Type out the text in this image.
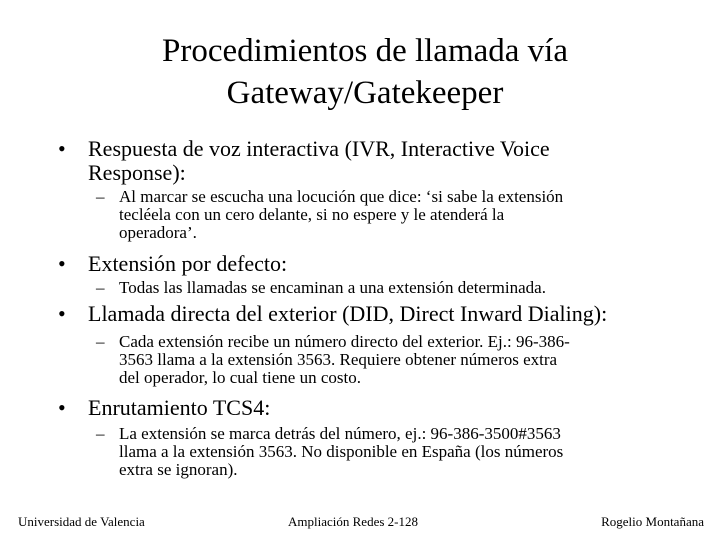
Procedimientos de llamada vía
Gateway/Gatekeeper
•	Respuesta de voz interactiva (IVR, Interactive Voice
Response):
– Al marcar se escucha una locución que dice: ‘si sabe la extensión
tecléela con un cero delante, si no espere y le atenderá la
operadora’.
•	Extensión por defecto:
– Todas las llamadas se encaminan a una extensión determinada.
•	Llamada directa del exterior (DID, Direct Inward Dialing):
– Cada extensión recibe un número directo del exterior. Ej.: 96-386-
3563 llama a la extensión 3563. Requiere obtener números extra
del operador, lo cual tiene un costo.
•	Enrutamiento TCS4:
– La extensión se marca detrás del número, ej.: 96-386-3500#3563
llama a la extensión 3563. No disponible en España (los números
extra se ignoran).
Universidad de Valencia	Ampliación Redes 2-128	Rogelio Montañana
